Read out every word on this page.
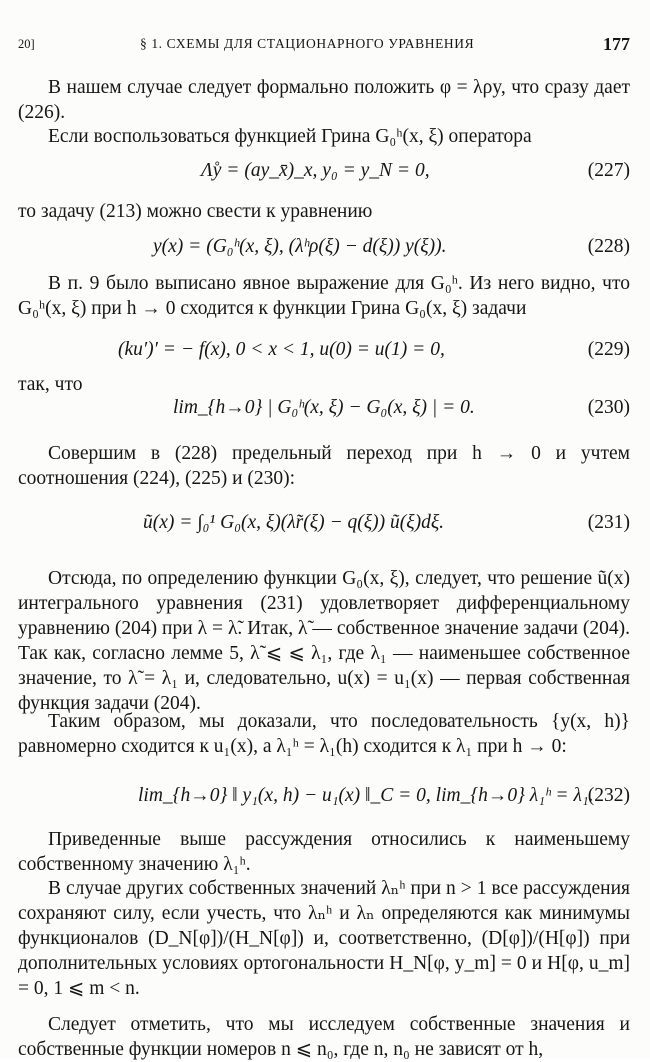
20]	§ 1. СХЕМЫ ДЛЯ СТАЦИОНАРНОГО УРАВНЕНИЯ	177

В нашем случае следует формально положить φ = λρy, что сразу дает (226).

Если воспользоваться функцией Грина G₀ʰ(x, ξ) оператора

Λ̊y = (ay_x̄)_x, y₀ = y_N = 0,	(227)

то задачу (213) можно свести к уравнению

y(x) = (G₀ʰ(x, ξ), (λʰρ(ξ) − d(ξ)) y(ξ)).	(228)

В п. 9 было выписано явное выражение для G₀ʰ. Из него видно, что G₀ʰ(x, ξ) при h → 0 сходится к функции Грина G₀(x, ξ) задачи

(ku′)′ = − f(x), 0 < x < 1, u(0) = u(1) = 0,	(229)

так, что

lim_{h→0} | G₀ʰ(x, ξ) − G₀(x, ξ) | = 0.	(230)

Совершим в (228) предельный переход при h → 0 и учтем соотношения (224), (225) и (230):

ũ(x) = ∫₀¹ G₀(x, ξ)(λ̃r(ξ) − q(ξ)) ũ(ξ)dξ.	(231)

Отсюда, по определению функции G₀(x, ξ), следует, что решение ũ(x) интегрального уравнения (231) удовлетворяет дифференциальному уравнению (204) при λ = λ̃. Итак, λ̃ — собственное значение задачи (204). Так как, согласно лемме 5, λ̃ ⩽ ⩽ λ₁, где λ₁ — наименьшее собственное значение, то λ̃ = λ₁ и, следовательно, u(x) = u₁(x) — первая собственная функция задачи (204).

Таким образом, мы доказали, что последовательность {y(x, h)} равномерно сходится к u₁(x), а λ₁ʰ = λ₁(h) сходится к λ₁ при h → 0:

lim_{h→0} ‖ y₁(x, h) − u₁(x) ‖_C = 0, lim_{h→0} λ₁ʰ = λ₁.
(232)

Приведенные выше рассуждения относились к наименьшему собственному значению λ₁ʰ.

В случае других собственных значений λₙʰ при n > 1 все рассуждения сохраняют силу, если учесть, что λₙʰ и λₙ определяются как минимумы функционалов (D_N[φ])/(H_N[φ]) и, соответственно, (D[φ])/(H[φ]) при дополнительных условиях ортогональности H_N[φ, y_m] = 0 и H[φ, u_m] = 0, 1 ⩽ m < n.

Следует отметить, что мы исследуем собственные значения и собственные функции номеров n ⩽ n₀, где n, n₀ не зависят от h,
